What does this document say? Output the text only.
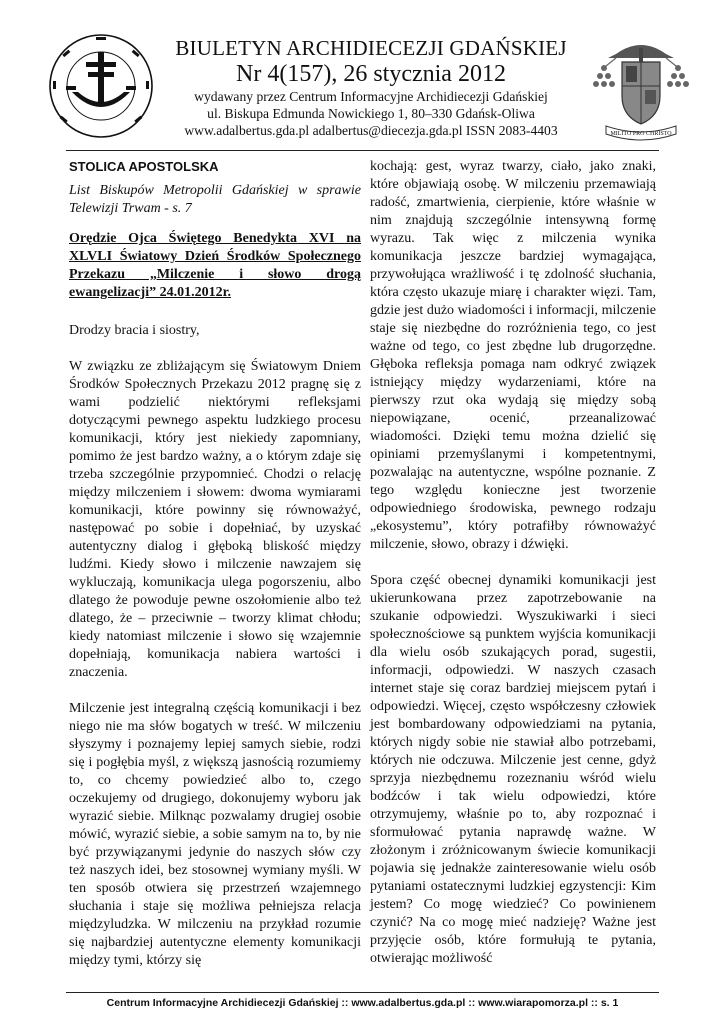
BIULETYN ARCHIDIECEZJI GDAŃSKIEJ
Nr 4(157), 26 stycznia 2012
wydawany przez Centrum Informacyjne Archidiecezji Gdańskiej
ul. Biskupa Edmunda Nowickiego 1, 80–330 Gdańsk-Oliwa
www.adalbertus.gda.pl adalbertus@diecezja.gda.pl ISSN 2083-4403	MILITO PRO CHRISTO
STOLICA APOSTOLSKA

List Biskupów Metropolii Gdańskiej w sprawie Telewizji Trwam - s. 7

Orędzie Ojca Świętego Benedykta XVI na XLVLI Światowy Dzień Środków Społecznego Przekazu „Milczenie i słowo drogą ewangelizacji” 24.01.2012r.

Drodzy bracia i siostry,

W związku ze zbliżającym się Światowym Dniem Środków Społecznych Przekazu 2012 pragnę się z wami podzielić niektórymi refleksjami dotyczącymi pewnego aspektu ludzkiego procesu komunikacji, który jest niekiedy zapomniany, pomimo że jest bardzo ważny, a o którym zdaje się trzeba szczególnie przypomnieć. Chodzi o relację między milczeniem i słowem: dwoma wymiarami komunikacji, które powinny się równoważyć, następować po sobie i dopełniać, by uzyskać autentyczny dialog i głęboką bliskość między ludźmi. Kiedy słowo i milczenie nawzajem się wykluczają, komunikacja ulega pogorszeniu, albo dlatego że powoduje pewne oszołomienie albo też dlatego, że – przeciwnie – tworzy klimat chłodu; kiedy natomiast milczenie i słowo się wzajemnie dopełniają, komunikacja nabiera wartości i znaczenia.

Milczenie jest integralną częścią komunikacji i bez niego nie ma słów bogatych w treść. W milczeniu słyszymy i poznajemy lepiej samych siebie, rodzi się i pogłębia myśl, z większą jasnością rozumiemy to, co chcemy powiedzieć albo to, czego oczekujemy od drugiego, dokonujemy wyboru jak wyrazić siebie. Milknąc pozwalamy drugiej osobie mówić, wyrazić siebie, a sobie samym na to, by nie być przywiązanymi jedynie do naszych słów czy też naszych idei, bez stosownej wymiany myśli. W ten sposób otwiera się przestrzeń wzajemnego słuchania i staje się możliwa pełniejsza relacja międzyludzka. W milczeniu na przykład rozumie się najbardziej autentyczne elementy komunikacji między tymi, którzy się

kochają: gest, wyraz twarzy, ciało, jako znaki, które objawiają osobę. W milczeniu przemawiają radość, zmartwienia, cierpienie, które właśnie w nim znajdują szczególnie intensywną formę wyrazu. Tak więc z milczenia wynika komunikacja jeszcze bardziej wymagająca, przywołująca wrażliwość i tę zdolność słuchania, która często ukazuje miarę i charakter więzi. Tam, gdzie jest dużo wiadomości i informacji, milczenie staje się niezbędne do rozróżnienia tego, co jest ważne od tego, co jest zbędne lub drugorzędne. Głęboka refleksja pomaga nam odkryć związek istniejący między wydarzeniami, które na pierwszy rzut oka wydają się między sobą niepowiązane, ocenić, przeanalizować wiadomości. Dzięki temu można dzielić się opiniami przemyślanymi i kompetentnymi, pozwalając na autentyczne, wspólne poznanie. Z tego względu konieczne jest tworzenie odpowiedniego środowiska, pewnego rodzaju „ekosystemu”, który potrafiłby równoważyć milczenie, słowo, obrazy i dźwięki.

Spora część obecnej dynamiki komunikacji jest ukierunkowana przez zapotrzebowanie na szukanie odpowiedzi. Wyszukiwarki i sieci społecznościowe są punktem wyjścia komunikacji dla wielu osób szukających porad, sugestii, informacji, odpowiedzi. W naszych czasach internet staje się coraz bardziej miejscem pytań i odpowiedzi. Więcej, często współczesny człowiek jest bombardowany odpowiedziami na pytania, których nigdy sobie nie stawiał albo potrzebami, których nie odczuwa. Milczenie jest cenne, gdyż sprzyja niezbędnemu rozeznaniu wśród wielu bodźców i tak wielu odpowiedzi, które otrzymujemy, właśnie po to, aby rozpoznać i sformułować pytania naprawdę ważne. W złożonym i zróżnicowanym świecie komunikacji pojawia się jednakże zainteresowanie wielu osób pytaniami ostatecznymi ludzkiej egzystencji: Kim jestem? Co mogę wiedzieć? Co powinienem czynić? Na co mogę mieć nadzieję? Ważne jest przyjęcie osób, które formułują te pytania, otwierając możliwość

Centrum Informacyjne Archidiecezji Gdańskiej :: www.adalbertus.gda.pl :: www.wiarapomorza.pl :: s. 1
